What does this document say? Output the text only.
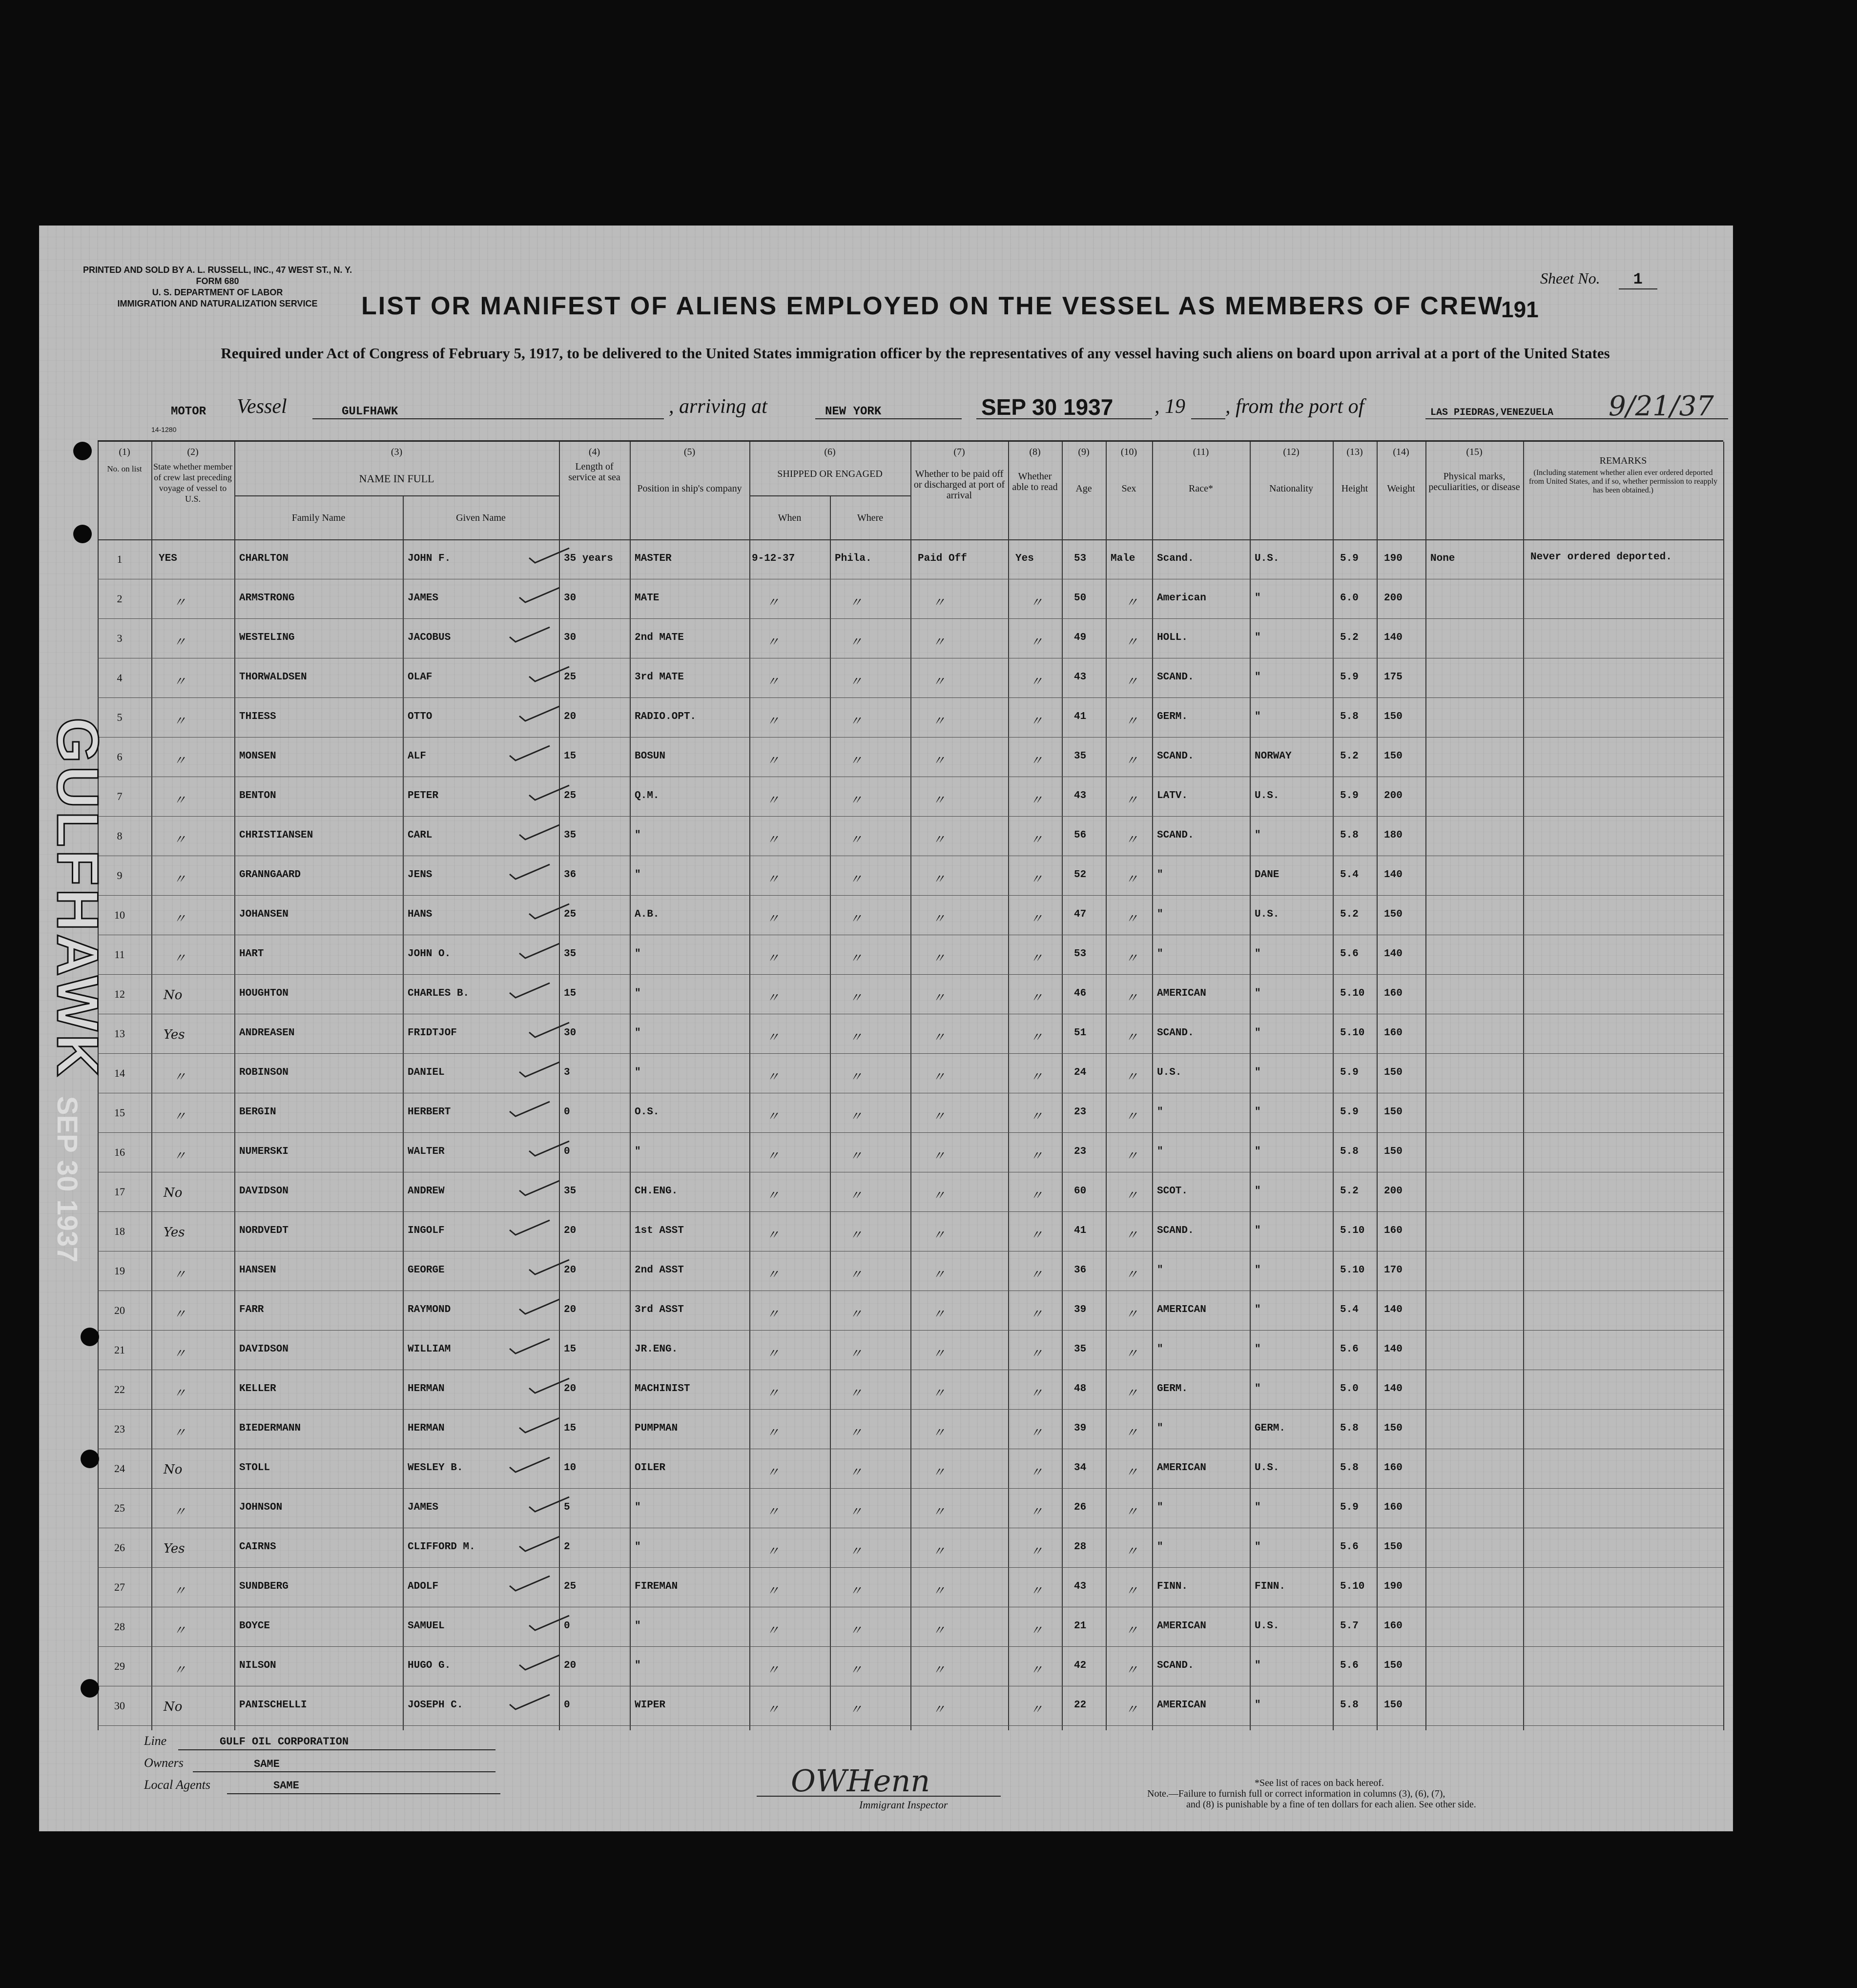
PRINTED AND SOLD BY A. L. RUSSELL, INC., 47 WEST ST., N. Y.
FORM 680
U. S. DEPARTMENT OF LABOR
IMMIGRATION AND NATURALIZATION SERVICE
Sheet No. 1
LIST OR MANIFEST OF ALIENS EMPLOYED ON THE VESSEL AS MEMBERS OF CREW
191
Required under Act of Congress of February 5, 1917, to be delivered to the United States immigration officer by the representatives of any vessel having such aliens on board upon arrival at a port of the United States
MOTOR Vessel	GULFHAWK	, arriving at	NEW YORK	SEP 30 1937 , 19 , from the port of	LAS PIEDRAS,VENEZUELA 9/21/37
14-1280
(1)	(2)	(3)	(4)	(5)	(6)	(7)	(8)	(9)	(10)	(11)	(12)	(13)	(14)	(15)
No. on list	State whether member of crew last preceding voyage of vessel to U.S.
NAME IN FULL
Family Name	Given Name
Length of service at sea
Position in ship's company
SHIPPED OR ENGAGED
When	Where
Whether to be paid off or discharged at port of arrival
Whether able to read	Age	Sex	Race*	Nationality	Height	Weight
Physical marks, peculiarities, or disease
REMARKS
(Including statement whether alien ever ordered deported from United States, and if so, whether permission to reapply has been obtained.)
1	YES	CHARLTON	JOHN F.	35 years MASTER	9-12-37	Phila.	Paid Off	Yes	53 Male Scand.	U.S.	5.9 190	None	Never ordered deported.
2	〃	ARMSTRONG	JAMES	30	MATE	〃	〃	〃	〃	50	〃 American	"	6.0 200
3	〃	WESTELING	JACOBUS	30	2nd MATE	〃	〃	〃	〃	49	〃 HOLL.	"	5.2 140
4	〃	THORWALDSEN	OLAF	25	3rd MATE	〃	〃	〃	〃	43	〃 SCAND.	"	5.9 175
5	〃	THIESS	OTTO	20	RADIO.OPT.	〃	〃	〃	〃	41	〃 GERM.	"	5.8 150
6	〃	MONSEN	ALF	15	BOSUN	〃	〃	〃	〃	35	〃 SCAND.	NORWAY	5.2 150
7	〃	BENTON	PETER	25	Q.M.	〃	〃	〃	〃	43	〃 LATV.	U.S.	5.9 200
8	〃	CHRISTIANSEN	CARL	35	"	〃	〃	〃	〃	56	〃 SCAND.	"	5.8 180
9	〃	GRANNGAARD	JENS	36	"	〃	〃	〃	〃	52	〃 "	DANE	5.4 140
10	〃	JOHANSEN	HANS	25	A.B.	〃	〃	〃	〃	47	〃 "	U.S.	5.2 150
11	〃	HART	JOHN O.	35	"	〃	〃	〃	〃	53	〃 "	"	5.6 140
12	No	HOUGHTON	CHARLES B.	15	"	〃	〃	〃	〃	46	〃 AMERICAN	"	5.10 160
13	Yes	ANDREASEN	FRIDTJOF	30	"	〃	〃	〃	〃	51	〃 SCAND.	"	5.10 160
14	〃	ROBINSON	DANIEL	3	"	〃	〃	〃	〃	24	〃 U.S.	"	5.9 150
15	〃	BERGIN	HERBERT	0	O.S.	〃	〃	〃	〃	23	〃 "	"	5.9 150
16	〃	NUMERSKI	WALTER	0	"	〃	〃	〃	〃	23	〃 "	"	5.8 150
17	No	DAVIDSON	ANDREW	35	CH.ENG.	〃	〃	〃	〃	60	〃 SCOT.	"	5.2 200
18	Yes	NORDVEDT	INGOLF	20	1st ASST	〃	〃	〃	〃	41	〃 SCAND.	"	5.10 160
19	〃	HANSEN	GEORGE	20	2nd ASST	〃	〃	〃	〃	36	〃 "	"	5.10 170
20	〃	FARR	RAYMOND	20	3rd ASST	〃	〃	〃	〃	39	〃 AMERICAN	"	5.4 140
21	〃	DAVIDSON	WILLIAM	15	JR.ENG.	〃	〃	〃	〃	35	〃 "	"	5.6 140
22	〃	KELLER	HERMAN	20	MACHINIST	〃	〃	〃	〃	48	〃 GERM.	"	5.0 140
23	〃	BIEDERMANN	HERMAN	15	PUMPMAN	〃	〃	〃	〃	39	〃 "	GERM.	5.8 150
24	No	STOLL	WESLEY B.	10	OILER	〃	〃	〃	〃	34	〃 AMERICAN	U.S.	5.8 160
25	〃	JOHNSON	JAMES	5	"	〃	〃	〃	〃	26	〃 "	"	5.9 160
26	Yes	CAIRNS	CLIFFORD M.	2	"	〃	〃	〃	〃	28	〃 "	"	5.6 150
27	〃	SUNDBERG	ADOLF	25	FIREMAN	〃	〃	〃	〃	43	〃 FINN.	FINN.	5.10 190
28	〃	BOYCE	SAMUEL	0	"	〃	〃	〃	〃	21	〃 AMERICAN	U.S.	5.7 160
29	〃	NILSON	HUGO G.	20	"	〃	〃	〃	〃	42	〃 SCAND.	"	5.6 150
30	No	PANISCHELLI	JOSEPH C.	0	WIPER	〃	〃	〃	〃	22	〃 AMERICAN	"	5.8 150
Line	GULF OIL CORPORATION
Owners	SAME
Local Agents	SAME	OWHenn
Immigrant Inspector
*See list of races on back hereof.
Note.—Failure to furnish full or correct information in columns (3), (6), (7),
and (8) is punishable by a fine of ten dollars for each alien. See other side.
GULFHAWK SEP 30 1937
